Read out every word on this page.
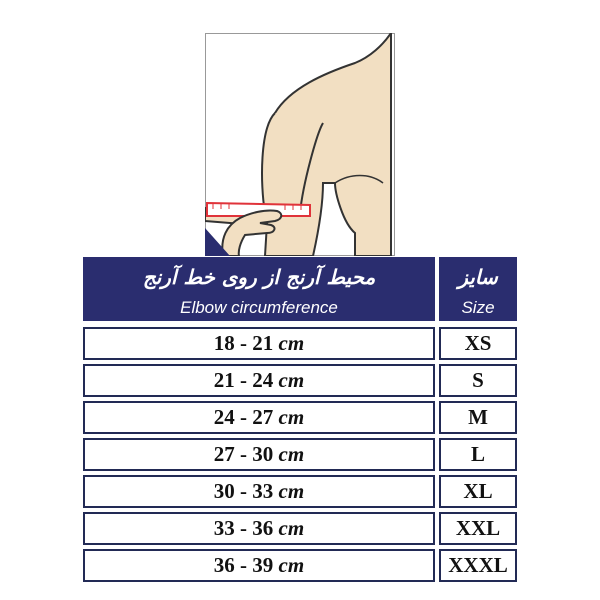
محیط آرنج از روی خط آرنج
Elbow circumference
سایز
Size
18 - 21 cm	XS
21 - 24 cm	S
24 - 27 cm	M
27 - 30 cm	L
30 - 33 cm	XL
33 - 36 cm	XXL
36 - 39 cm	XXXL
